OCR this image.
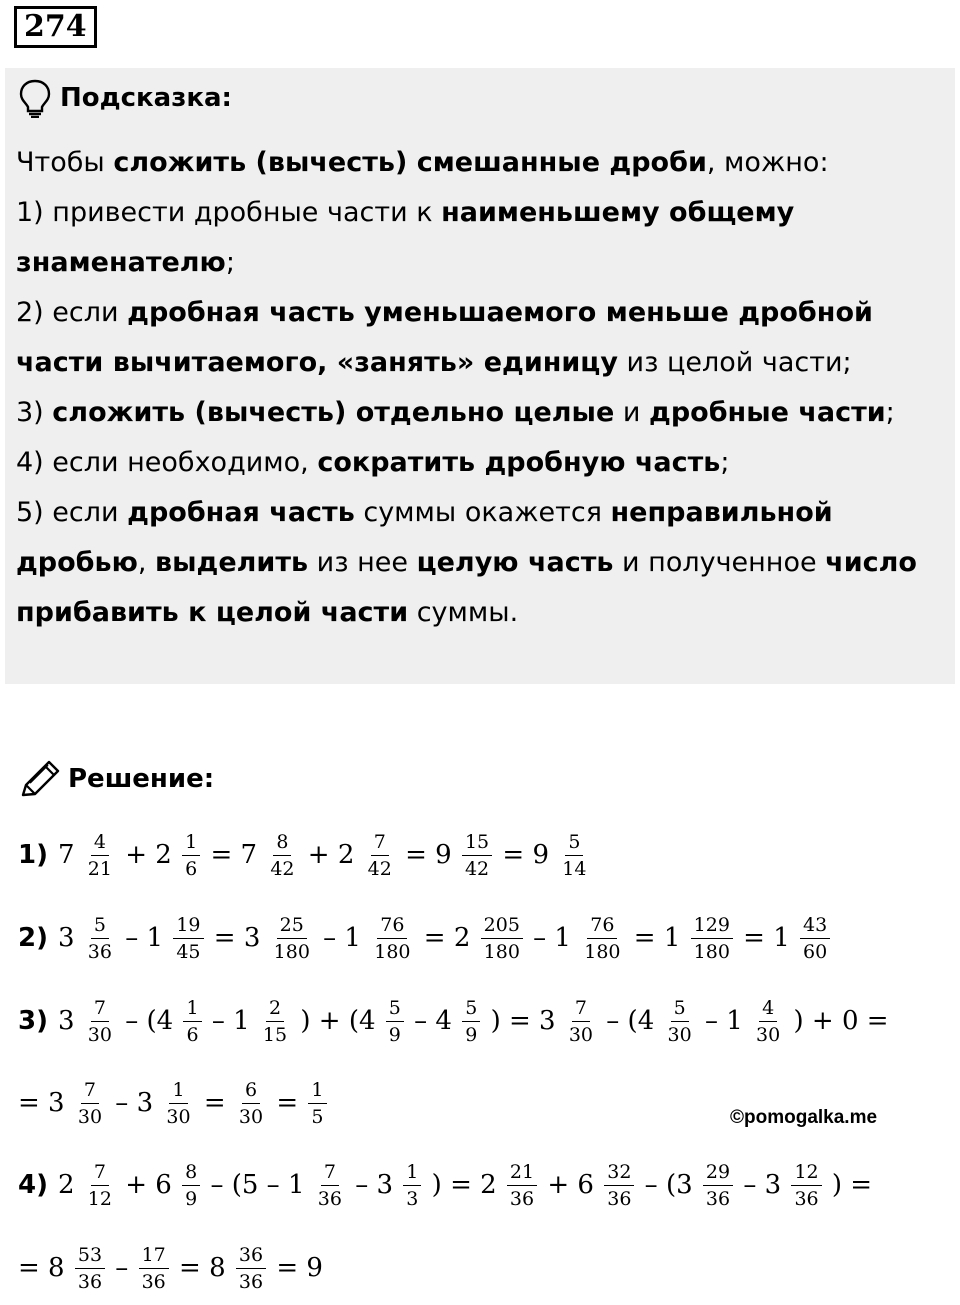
274
Подсказка:
Чтобы сложить (вычесть) смешанные дроби, можно:
1) привести дробные части к наименьшему общему
знаменателю;
2) если дробная часть уменьшаемого меньше дробной
части вычитаемого, «занять» единицу из целой части;
3) сложить (вычесть) отдельно целые и дробные части;
4) если необходимо, сократить дробную часть;
5) если дробная часть суммы окажется неправильной
дробью, выделить из нее целую часть и полученное число
прибавить к целой части суммы.
Решение:
1) $7 \frac{4}{21} + 2 \frac{1}{6} = 7 \frac{8}{42} + 2 \frac{7}{42} = 9 \frac{15}{42} = 9 \frac{5}{14}$
2) $3 \frac{5}{36} - 1 \frac{19}{45} = 3 \frac{25}{180} - 1 \frac{76}{180} = 2 \frac{205}{180} - 1 \frac{76}{180} = 1 \frac{129}{180} = 1 \frac{43}{60}$
3) $3 \frac{7}{30} - (4 \frac{1}{6} - 1 \frac{2}{15}$ ) + ($4 \frac{5}{9} - 4 \frac{5}{9}$ ) = $3 \frac{7}{30} - (4 \frac{5}{30} - 1 \frac{4}{30}$ ) + 0 =
= $3 \frac{7}{30} - 3 \frac{1}{30} = \frac{6}{30} = \frac{1}{5}$
4) $2 \frac{7}{12} + 6 \frac{8}{9} - (5 - 1 \frac{7}{36} - 3 \frac{1}{3}$ ) = $2 \frac{21}{36} + 6 \frac{32}{36} - (3 \frac{29}{36} - 3 \frac{12}{36}$ ) =
= $8 \frac{53}{36} - \frac{17}{36} = 8 \frac{36}{36} = 9$
©pomogalka.me
